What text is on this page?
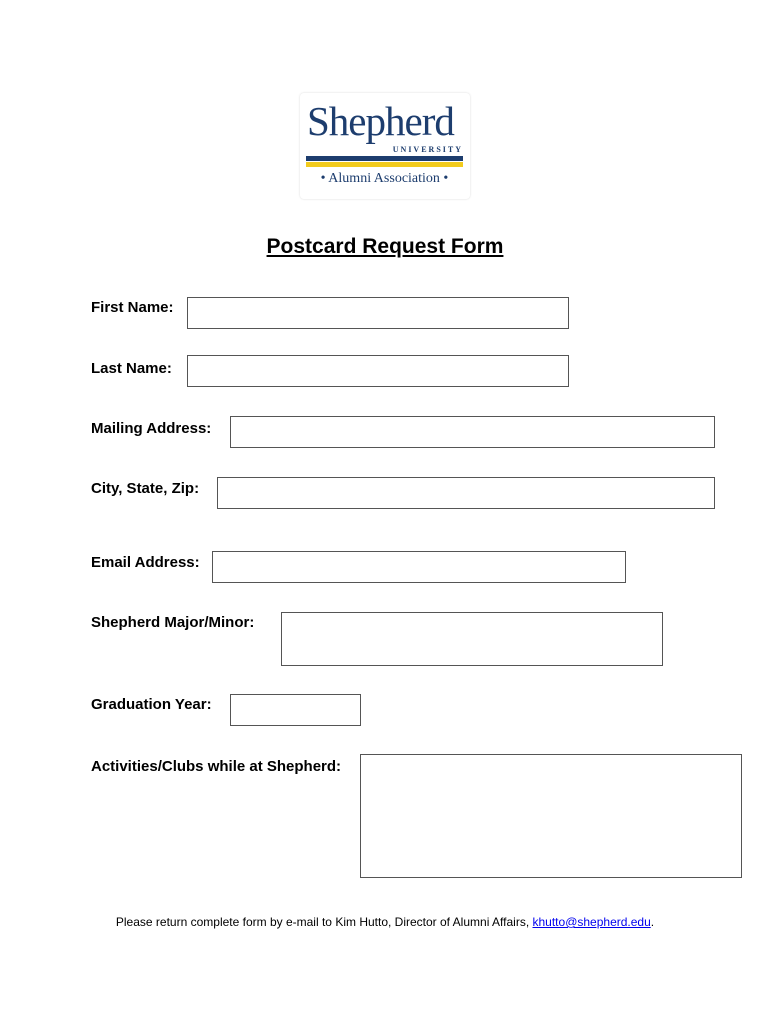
Shepherd
UNIVERSITY
• Alumni Association •
Postcard Request Form
First Name:
Last Name:
Mailing Address:
City, State, Zip:
Email Address:
Shepherd Major/Minor:
Graduation Year:
Activities/Clubs while at Shepherd:
Please return complete form by e-mail to Kim Hutto, Director of Alumni Affairs, khutto@shepherd.edu.
